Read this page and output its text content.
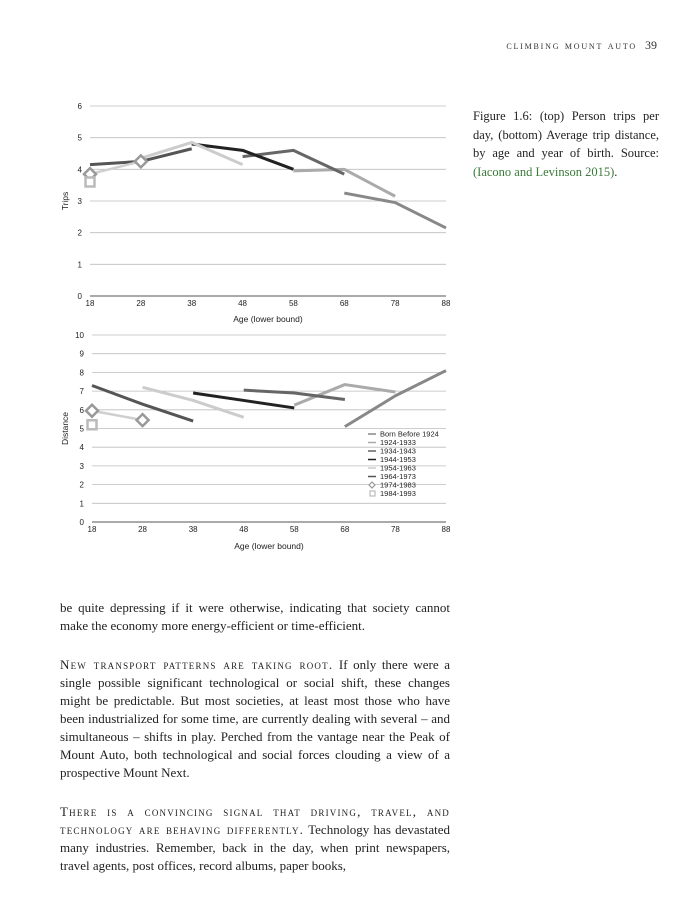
climbing mount auto 39
0
1
2
3
4
5
6
18	28	38	48	58	68	78	88
Age (lower bound)
Trips
0
1
2
3
4
5
6
7
8
9
10
18	28	38	48	58	68	78	88
Age (lower bound)
Distance	Born Before 1924
1924-1933
1934-1943
1944-1953
1954-1963
1964-1973
1974-1983
1984-1993
Figure 1.6: (top) Person trips per day, (bottom) Average trip distance, by age and year of birth. Source: (Iacono and Levinson 2015).

be quite depressing if it were otherwise, indicating that society cannot make the economy more energy-efficient or time-efficient.

New transport patterns are taking root. If only there were a single possible significant technological or social shift, these changes might be predictable. But most societies, at least most those who have been industrialized for some time, are currently dealing with several – and simultaneous – shifts in play. Perched from the vantage near the Peak of Mount Auto, both technological and social forces clouding a view of a prospective Mount Next.

There is a convincing signal that driving, travel, and technology are behaving differently. Technology has devastated many industries. Remember, back in the day, when print newspapers, travel agents, post offices, record albums, paper books,
